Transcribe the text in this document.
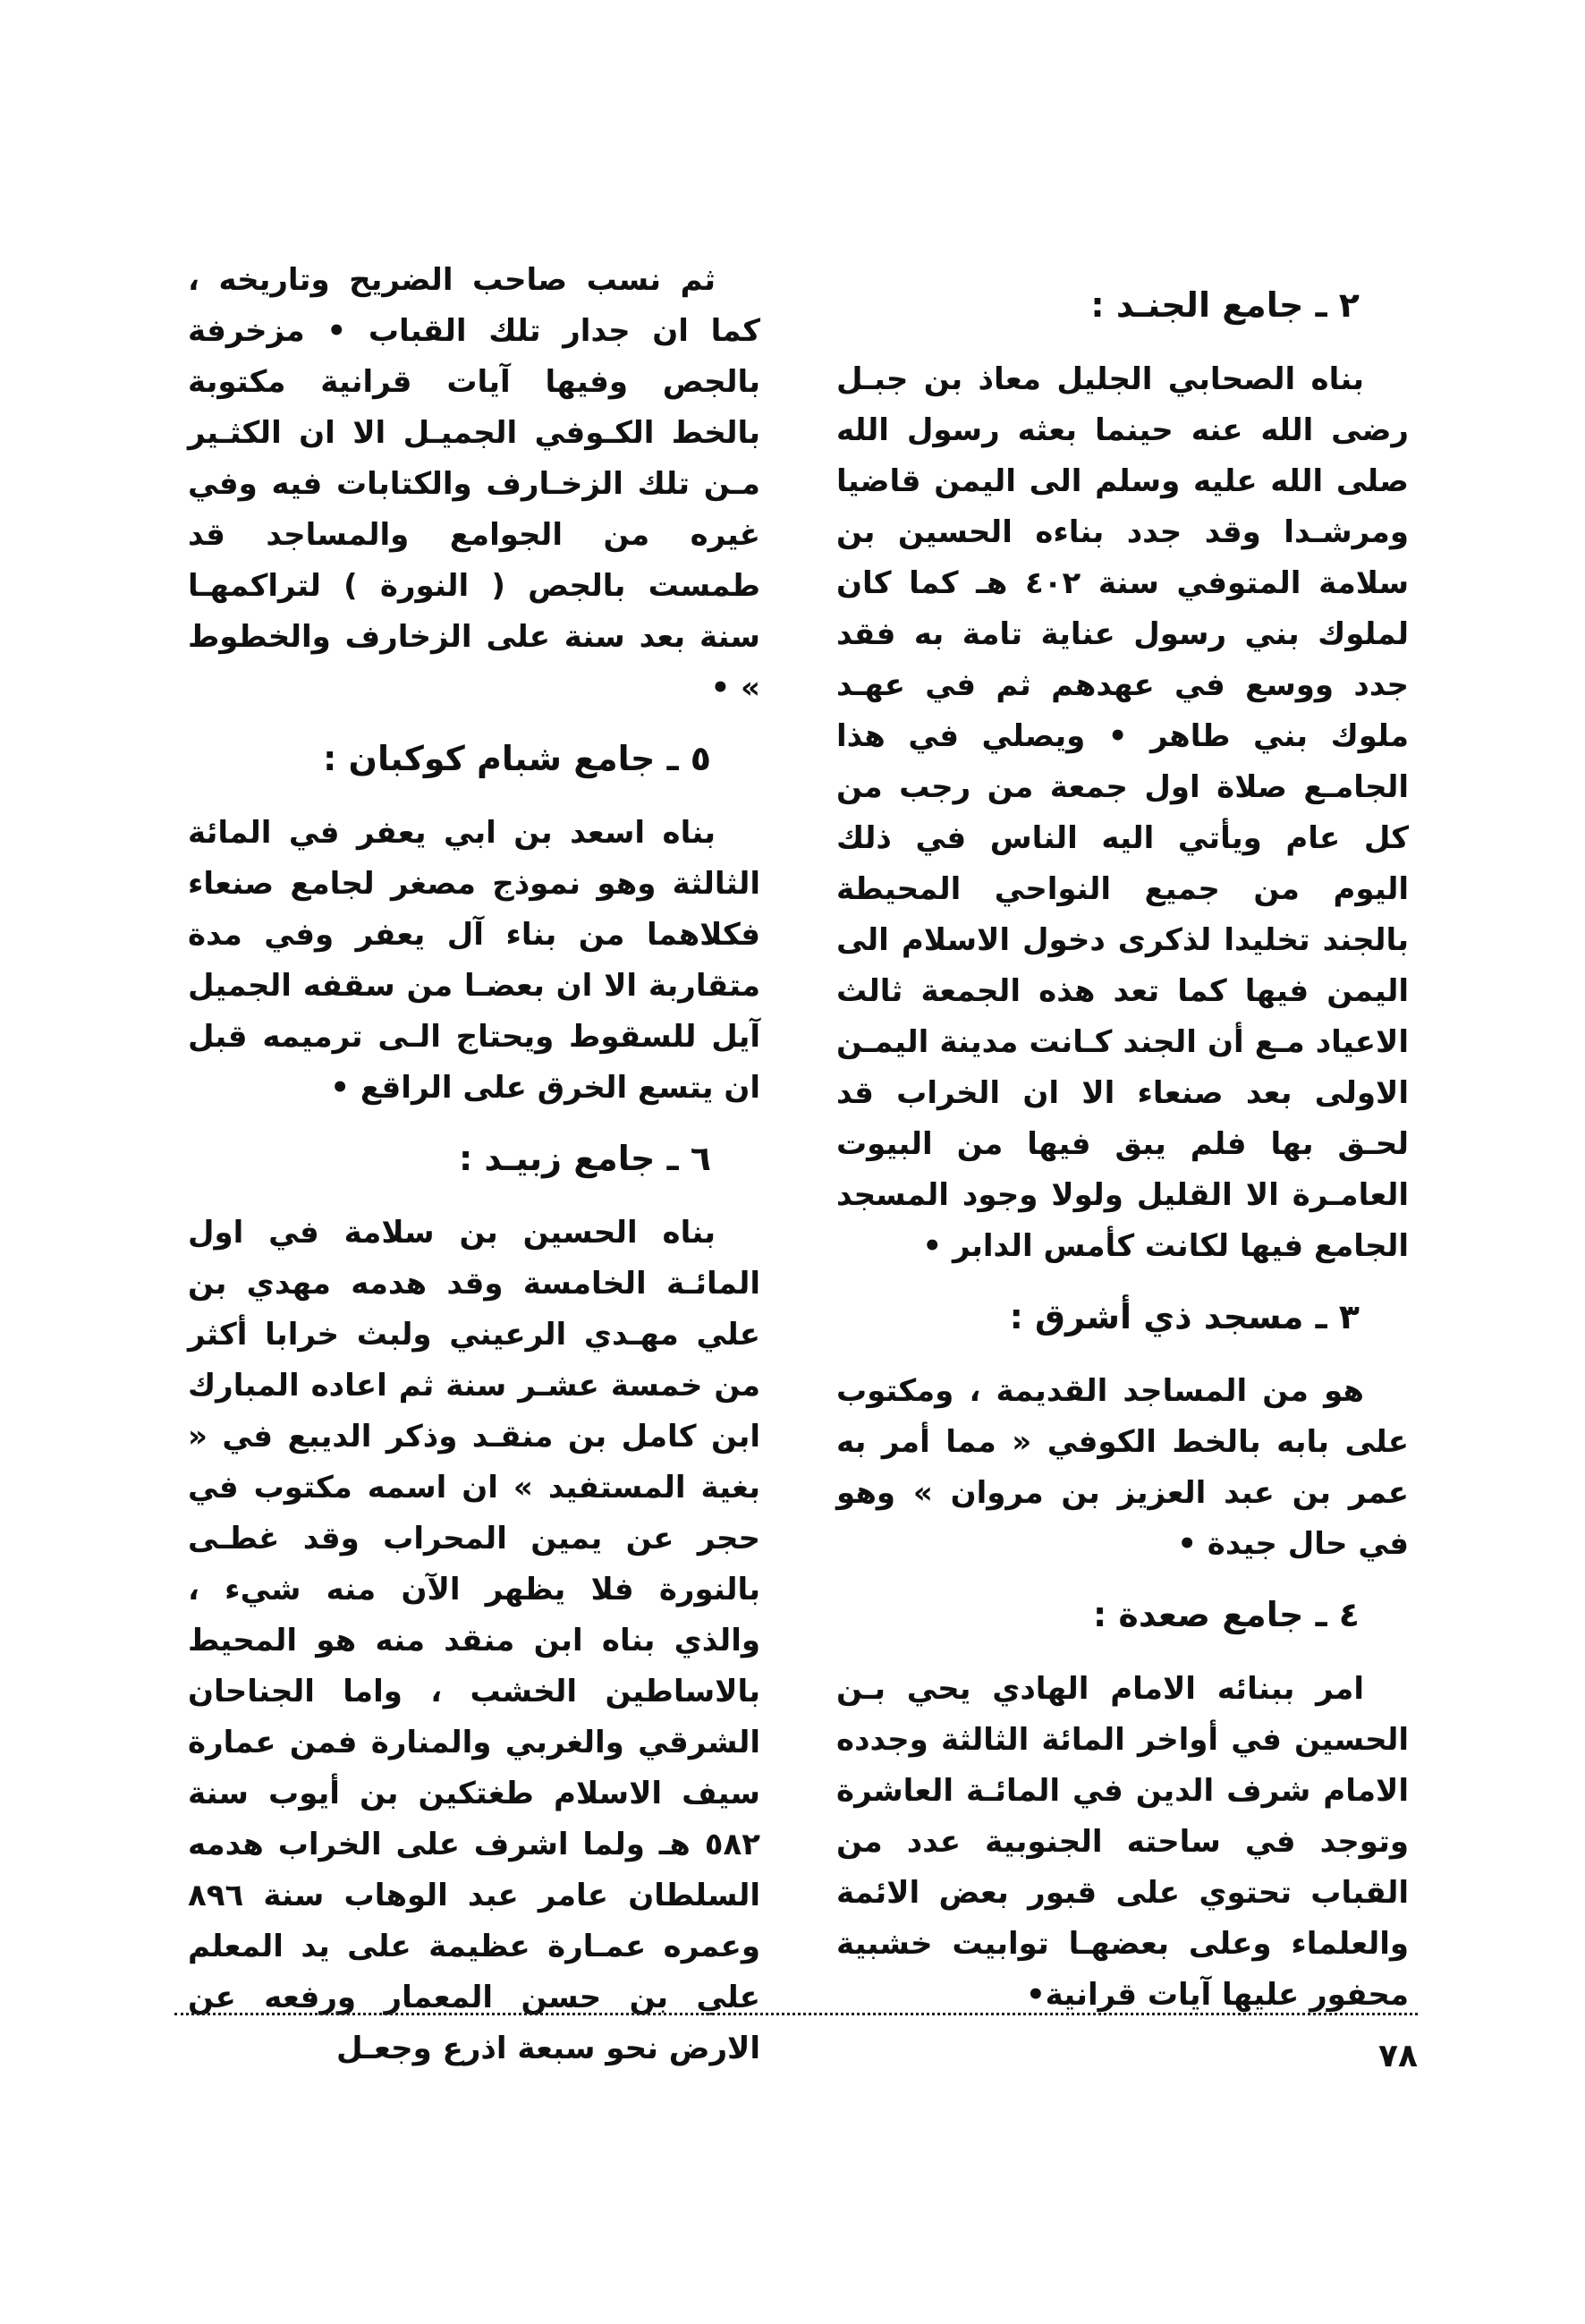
٢ ـ جامع الجنـد :

بناه الصحابي الجليل معاذ بن جبـل رضى الله عنه حينما بعثه رسول الله صلى الله عليه وسلم الى اليمن قاضيا ومرشـدا وقد جدد بناءه الحسين بن سلامة المتوفي سنة ٤٠٢ هـ كما كان لملوك بني رسول عناية تامة به فقد جدد ووسع في عهدهم ثم في عهـد ملوك بني طاهر • ويصلي في هذا الجامـع صلاة اول جمعة من رجب من كل عام ويأتي اليه الناس في ذلك اليوم من جميع النواحي المحيطة بالجند تخليدا لذكرى دخول الاسلام الى اليمن فيها كما تعد هذه الجمعة ثالث الاعياد مـع أن الجند كـانت مدينة اليمـن الاولى بعد صنعاء الا ان الخراب قد لحـق بها فلم يبق فيها من البيوت العامـرة الا القليل ولولا وجود المسجد الجامع فيها لكانت كأمس الدابر •

٣ ـ مسجد ذي أشرق :

هو من المساجد القديمة ، ومكتوب على بابه بالخط الكوفي « مما أمر به عمر بن عبد العزيز بن مروان » وهو في حال جيدة •

٤ ـ جامع صعدة :

امر ببنائه الامام الهادي يحي بـن الحسين في أواخر المائة الثالثة وجدده الامام شرف الدين في المائـة العاشرة وتوجد في ساحته الجنوبية عدد من القباب تحتوي على قبور بعض الائمة والعلماء وعلى بعضهـا توابيت خشبية محفور عليها آيات قرانية•

ثم نسب صاحب الضريح وتاريخه ، كما ان جدار تلك القباب • مزخرفة بالجص وفيها آيات قرانية مكتوبة بالخط الكـوفي الجميـل الا ان الكثـير مـن تلك الزخـارف والكتابات فيه وفي غيره من الجوامع والمساجد قد طمست بالجص ( النورة ) لتراكمهـا سنة بعد سنة على الزخارف والخطوط » •

٥ ـ جامع شبام كوكبان :

بناه اسعد بن ابي يعفر في المائة الثالثة وهو نموذج مصغر لجامع صنعاء فكلاهما من بناء آل يعفر وفي مدة متقاربة الا ان بعضـا من سقفه الجميل آيل للسقوط ويحتاج الـى ترميمه قبل ان يتسع الخرق على الراقع •

٦ ـ جامع زبيـد :

بناه الحسين بن سلامة في اول المائـة الخامسة وقد هدمه مهدي بن علي مهـدي الرعيني ولبث خرابا أكثر من خمسة عشـر سنة ثم اعاده المبارك ابن كامل بن منقـد وذكر الديبع في « بغية المستفيد » ان اسمه مكتوب في حجر عن يمين المحراب وقد غطـى بالنورة فلا يظهر الآن منه شيء ، والذي بناه ابن منقد منه هو المحيط بالاساطين الخشب ، واما الجناحان الشرقي والغربي والمنارة فمن عمارة سيف الاسلام طغتكين بن أيوب سنة ٥٨٢ هـ ولما اشرف على الخراب هدمه السلطان عامر عبد الوهاب سنة ٨٩٦ وعمره عمـارة عظيمة على يد المعلم علي بن حسن المعمار ورفعه عن الارض نحو سبعة اذرع وجعـل	٧٨
